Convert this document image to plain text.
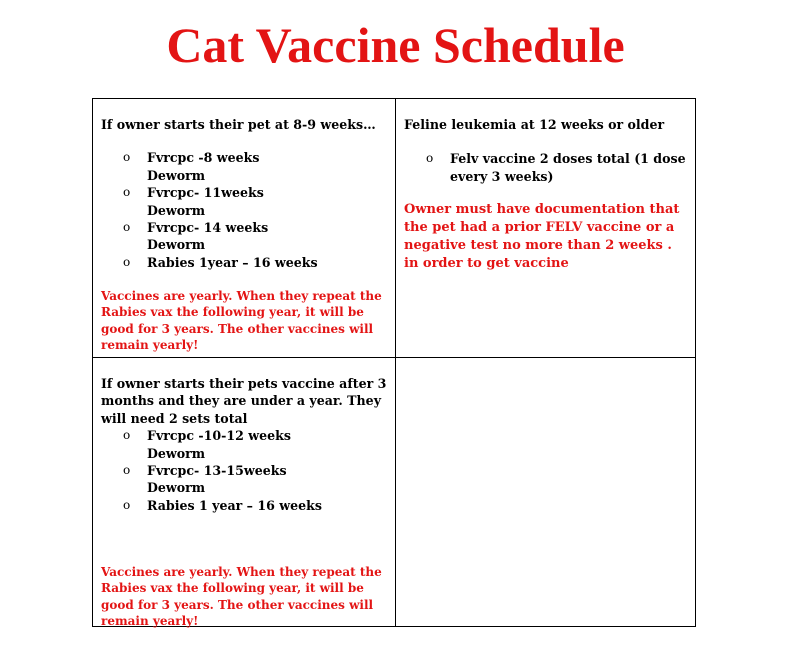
Cat Vaccine Schedule

If owner starts their pet at 8-9 weeks…

o Fvrcpc -8 weeks
Deworm
o Fvrcpc- 11weeks
Deworm
o Fvrcpc- 14 weeks
Deworm
o Rabies 1year – 16 weeks

Vaccines are yearly. When they repeat the Rabies vax the following year, it will be good for 3 years. The other vaccines will remain yearly!

Feline leukemia at 12 weeks or older

o Felv vaccine 2 doses total (1 dose every 3 weeks)

Owner must have documentation that the pet had a prior FELV vaccine or a negative test no more than 2 weeks . in order to get vaccine

If owner starts their pets vaccine after 3 months and they are under a year. They will need 2 sets total

o Fvrcpc -10-12 weeks
Deworm
o Fvrcpc- 13-15weeks
Deworm
o Rabies 1 year – 16 weeks

Vaccines are yearly. When they repeat the Rabies vax the following year, it will be good for 3 years. The other vaccines will remain yearly!
